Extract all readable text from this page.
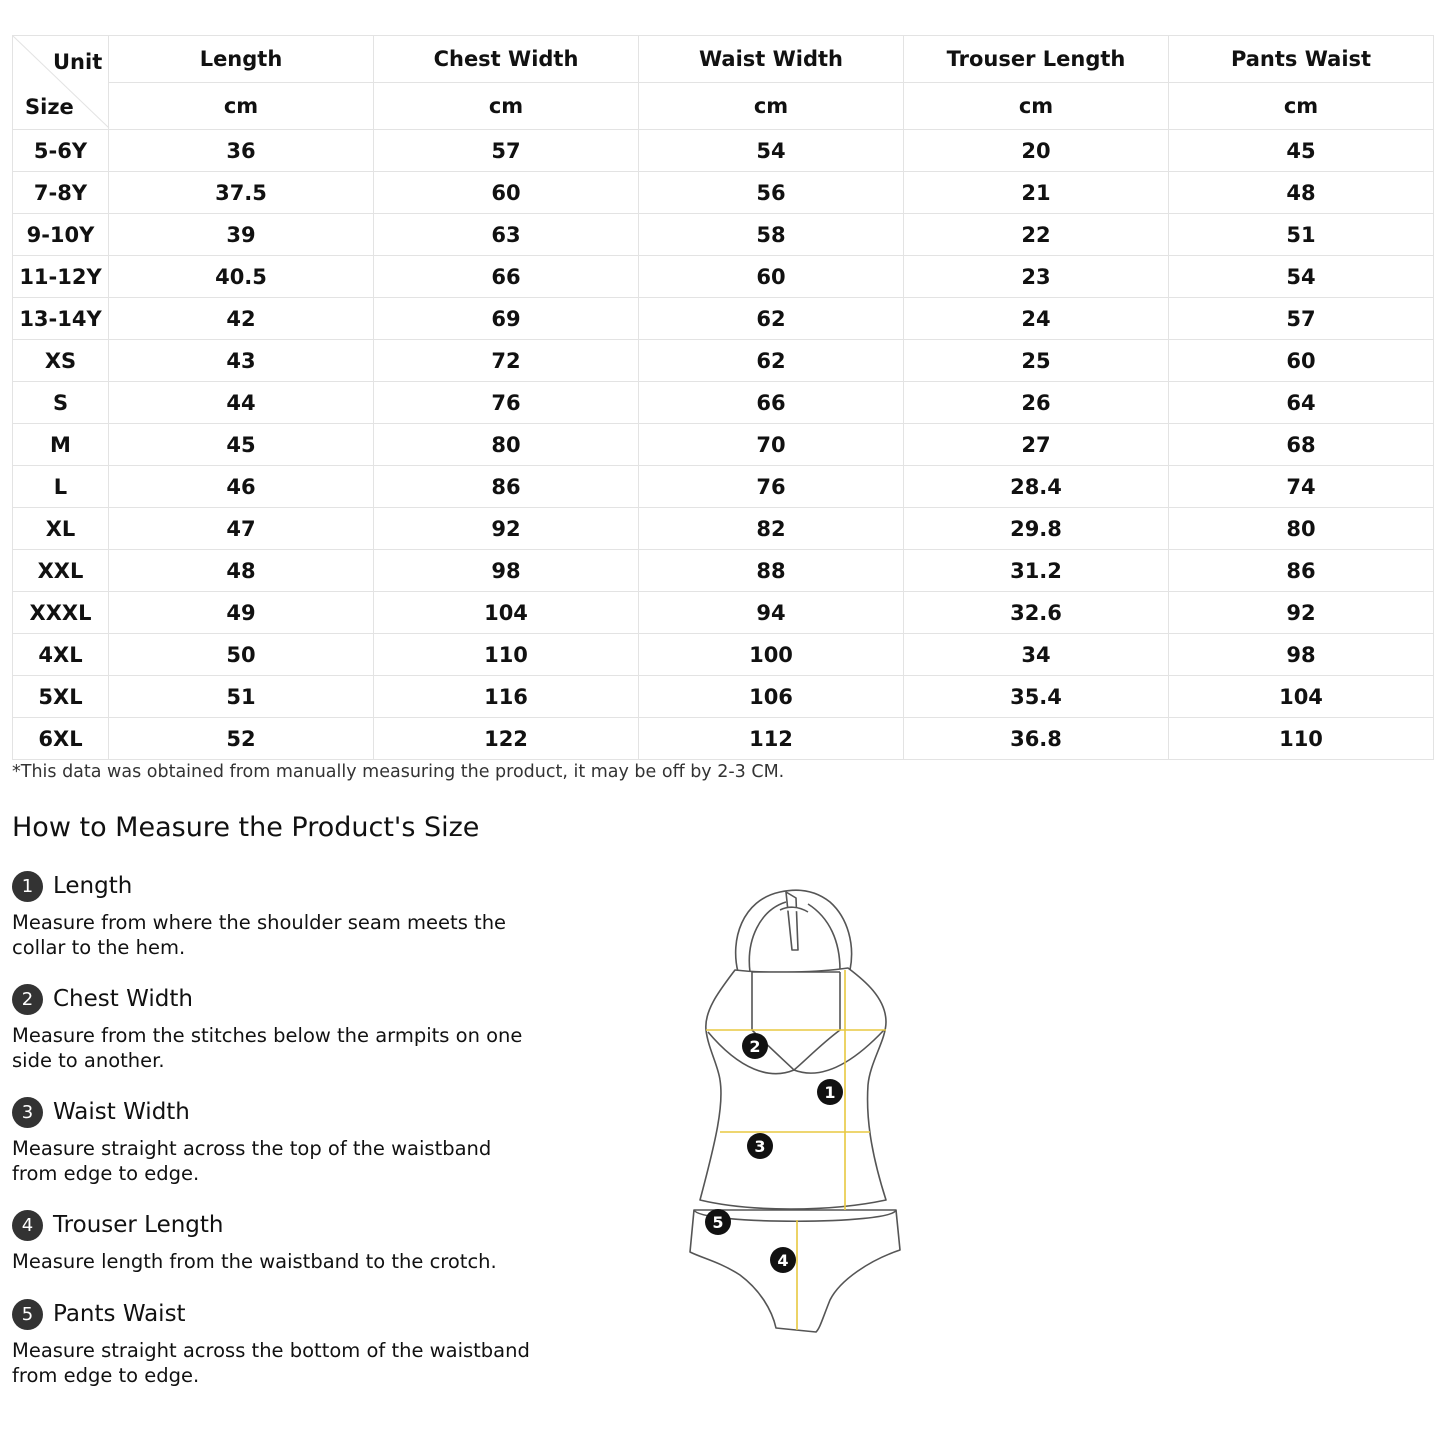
Unit	Length	Chest Width	Waist Width	Trouser Length	Pants Waist

Size	cm	cm	cm	cm	cm
5-6Y	36	57	54	20	45
7-8Y	37.5	60	56	21	48
9-10Y	39	63	58	22	51
11-12Y	40.5	66	60	23	54
13-14Y	42	69	62	24	57
XS	43	72	62	25	60
S	44	76	66	26	64
M	45	80	70	27	68
L	46	86	76	28.4	74
XL	47	92	82	29.8	80
XXL	48	98	88	31.2	86
XXXL	49	104	94	32.6	92
4XL	50	110	100	34	98
5XL	51	116	106	35.4	104
6XL	52	122	112	36.8	110
*This data was obtained from manually measuring the product, it may be off by 2-3 CM.
How to Measure the Product's Size
1 Length
Measure from where the shoulder seam meets the collar to the hem.
2 Chest Width
Measure from the stitches below the armpits on one side to another.
3 Waist Width
Measure straight across the top of the waistband from edge to edge.
4 Trouser Length
Measure length from the waistband to the crotch.
5 Pants Waist
Measure straight across the bottom of the waistband from edge to edge.
1
2
3
4
5
